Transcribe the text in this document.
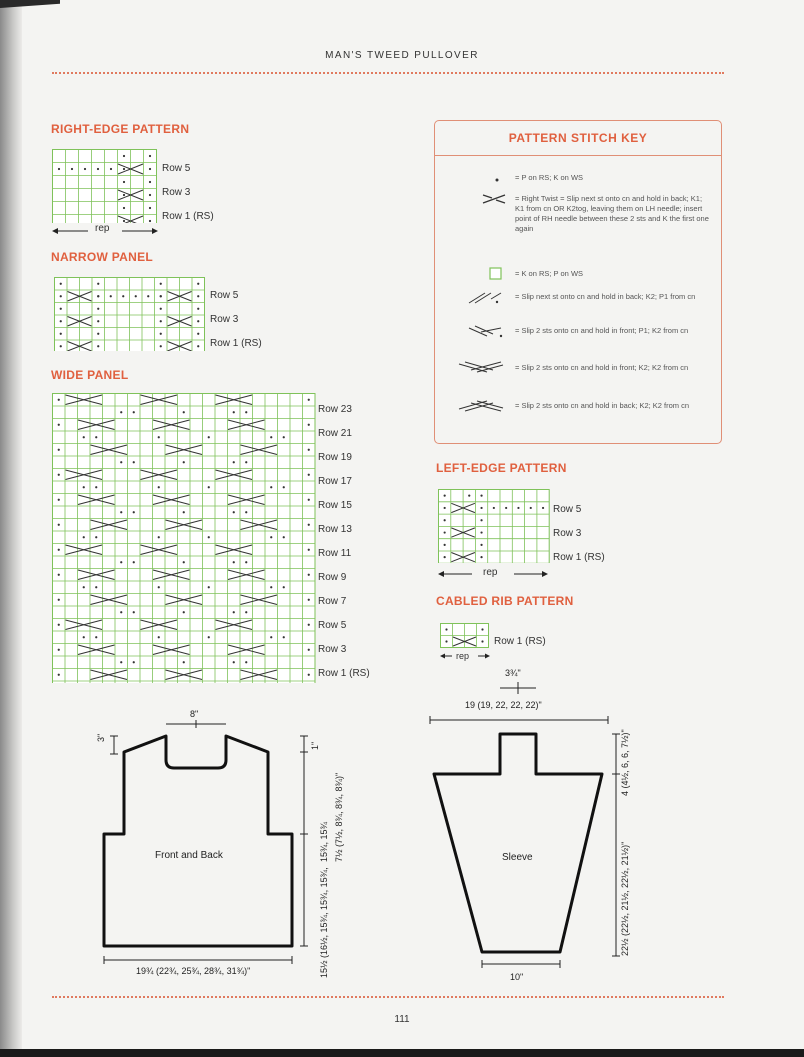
MAN'S TWEED PULLOVER
RIGHT-EDGE PATTERN
Row 5
Row 3
Row 1 (RS)
rep
NARROW PANEL
Row 5
Row 3
Row 1 (RS)
WIDE PANEL
Row 23
Row 21
Row 19
Row 17
Row 15
Row 13
Row 11
Row 9
Row 7
Row 5
Row 3
Row 1 (RS)
PATTERN STITCH KEY
= P on RS; K on WS
= Right Twist = Slip next st onto cn and hold in back; K1; K1 from cn OR K2tog, leaving them on LH needle; insert point of RH needle between these 2 sts and K the first one again
= K on RS; P on WS
= Slip next st onto cn and hold in back; K2; P1 from cn
= Slip 2 sts onto cn and hold in front; P1; K2 from cn
= Slip 2 sts onto cn and hold in front; K2; K2 from cn
= Slip 2 sts onto cn and hold in back; K2; K2 from cn
LEFT-EDGE PATTERN
Row 5
Row 3
Row 1 (RS)
rep
CABLED RIB PATTERN
Row 1 (RS)
rep
8"
3"
Front and Back
1"
7½ (7½, 8¾, 8¾, 8¾)"
15¾, 15¾
15½ (16½, 15¾, 15¾, 15¾,
19¾ (22¾, 25¾, 28¾, 31¾)"
3¾"
19 (19, 22, 22, 22)"
4 (4½, 6, 6, 7½)"
Sleeve	22½ (22½, 21½, 22½, 21½)"
10"
111
